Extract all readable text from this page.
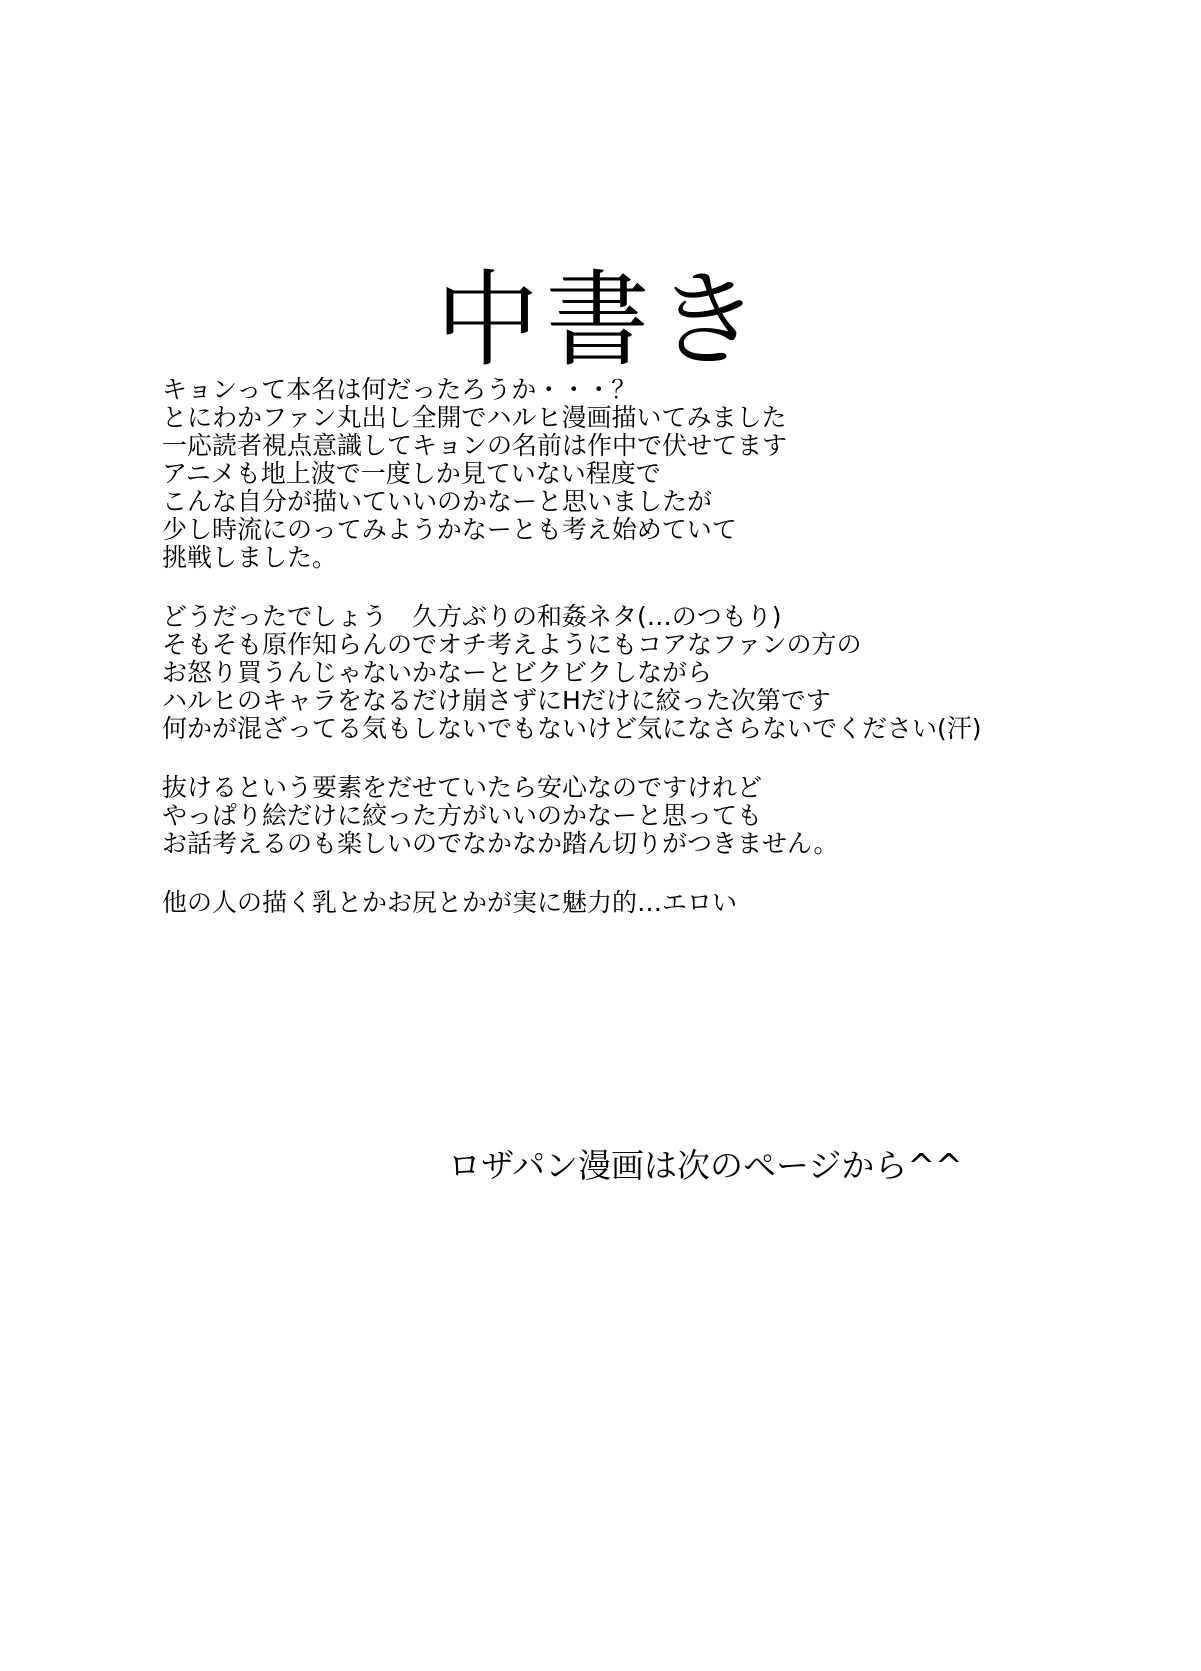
中書き
キョンって本名は何だったろうか・・・？
とにわかファン丸出し全開でハルヒ漫画描いてみました
一応読者視点意識してキョンの名前は作中で伏せてます
アニメも地上波で一度しか見ていない程度で
こんな自分が描いていいのかなーと思いましたが
少し時流にのってみようかなーとも考え始めていて
挑戦しました。
どうだったでしょう　久方ぶりの和姦ネタ(…のつもり)
そもそも原作知らんのでオチ考えようにもコアなファンの方の
お怒り買うんじゃないかなーとビクビクしながら
ハルヒのキャラをなるだけ崩さずにHだけに絞った次第です
何かが混ざってる気もしないでもないけど気になさらないでください(汗)
抜けるという要素をだせていたら安心なのですけれど
やっぱり絵だけに絞った方がいいのかなーと思っても
お話考えるのも楽しいのでなかなか踏ん切りがつきません。
他の人の描く乳とかお尻とかが実に魅力的…エロい
ロザパン漫画は次のページから^^
